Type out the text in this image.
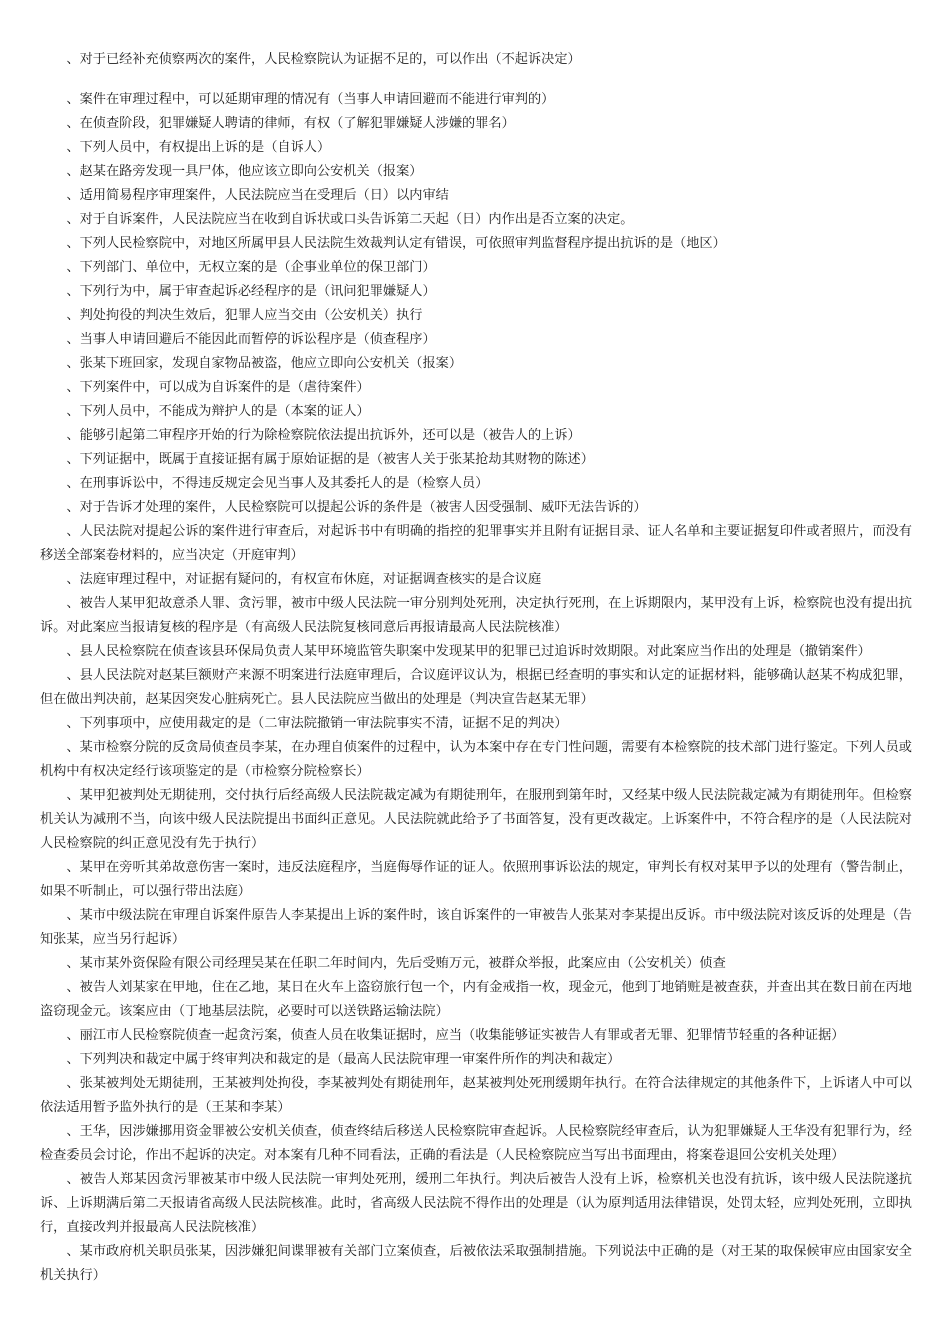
、对于已经补充侦察两次的案件，人民检察院认为证据不足的，可以作出（不起诉决定）

、案件在审理过程中，可以延期审理的情况有（当事人申请回避而不能进行审判的）

、在侦查阶段，犯罪嫌疑人聘请的律师，有权（了解犯罪嫌疑人涉嫌的罪名）

、下列人员中，有权提出上诉的是（自诉人）

、赵某在路旁发现一具尸体，他应该立即向公安机关（报案）

、适用简易程序审理案件，人民法院应当在受理后（日）以内审结

、对于自诉案件，人民法院应当在收到自诉状或口头告诉第二天起（日）内作出是否立案的决定。

、下列人民检察院中，对地区所属甲县人民法院生效裁判认定有错误，可依照审判监督程序提出抗诉的是（地区）

、下列部门、单位中，无权立案的是（企事业单位的保卫部门）

、下列行为中，属于审查起诉必经程序的是（讯问犯罪嫌疑人）

、判处拘役的判决生效后，犯罪人应当交由（公安机关）执行

、当事人申请回避后不能因此而暂停的诉讼程序是（侦查程序）

、张某下班回家，发现自家物品被盗，他应立即向公安机关（报案）

、下列案件中，可以成为自诉案件的是（虐待案件）

、下列人员中，不能成为辩护人的是（本案的证人）

、能够引起第二审程序开始的行为除检察院依法提出抗诉外，还可以是（被告人的上诉）

、下列证据中，既属于直接证据有属于原始证据的是（被害人关于张某抢劫其财物的陈述）

、在刑事诉讼中，不得违反规定会见当事人及其委托人的是（检察人员）

、对于告诉才处理的案件，人民检察院可以提起公诉的条件是（被害人因受强制、威吓无法告诉的）

、人民法院对提起公诉的案件进行审查后，对起诉书中有明确的指控的犯罪事实并且附有证据目录、证人名单和主要证据复印件或者照片，而没有移送全部案卷材料的，应当决定（开庭审判）

、法庭审理过程中，对证据有疑问的，有权宣布休庭，对证据调查核实的是合议庭

、被告人某甲犯故意杀人罪、贪污罪，被市中级人民法院一审分别判处死刑，决定执行死刑，在上诉期限内，某甲没有上诉，检察院也没有提出抗诉。对此案应当报请复核的程序是（有高级人民法院复核同意后再报请最高人民法院核准）

、县人民检察院在侦查该县环保局负责人某甲环境监管失职案中发现某甲的犯罪已过追诉时效期限。对此案应当作出的处理是（撤销案件）

、县人民法院对赵某巨额财产来源不明案进行法庭审理后，合议庭评议认为，根据已经查明的事实和认定的证据材料，能够确认赵某不构成犯罪，但在做出判决前，赵某因突发心脏病死亡。县人民法院应当做出的处理是（判决宣告赵某无罪）

、下列事项中，应使用裁定的是（二审法院撤销一审法院事实不清，证据不足的判决）

、某市检察分院的反贪局侦查员李某，在办理自侦案件的过程中，认为本案中存在专门性问题，需要有本检察院的技术部门进行鉴定。下列人员或机构中有权决定经行该项鉴定的是（市检察分院检察长）

、某甲犯被判处无期徒刑，交付执行后经高级人民法院裁定减为有期徒刑年，在服刑到第年时，又经某中级人民法院裁定减为有期徒刑年。但检察机关认为减刑不当，向该中级人民法院提出书面纠正意见。人民法院就此给予了书面答复，没有更改裁定。上诉案件中，不符合程序的是（人民法院对人民检察院的纠正意见没有先于执行）

、某甲在旁听其弟故意伤害一案时，违反法庭程序，当庭侮辱作证的证人。依照刑事诉讼法的规定，审判长有权对某甲予以的处理有（警告制止，如果不听制止，可以强行带出法庭）

、某市中级法院在审理自诉案件原告人李某提出上诉的案件时，该自诉案件的一审被告人张某对李某提出反诉。市中级法院对该反诉的处理是（告知张某，应当另行起诉）

、某市某外资保险有限公司经理吴某在任职二年时间内，先后受贿万元，被群众举报，此案应由（公安机关）侦查

、被告人刘某家在甲地，住在乙地，某日在火车上盗窃旅行包一个，内有金戒指一枚，现金元，他到丁地销赃是被查获，并查出其在数日前在丙地盗窃现金元。该案应由（丁地基层法院，必要时可以送铁路运输法院）

、丽江市人民检察院侦查一起贪污案，侦查人员在收集证据时，应当（收集能够证实被告人有罪或者无罪、犯罪情节轻重的各种证据）

、下列判决和裁定中属于终审判决和裁定的是（最高人民法院审理一审案件所作的判决和裁定）

、张某被判处无期徒刑，王某被判处拘役，李某被判处有期徒刑年，赵某被判处死刑缓期年执行。在符合法律规定的其他条件下，上诉诸人中可以依法适用暂予监外执行的是（王某和李某）

、王华，因涉嫌挪用资金罪被公安机关侦查，侦查终结后移送人民检察院审查起诉。人民检察院经审查后，认为犯罪嫌疑人王华没有犯罪行为，经检查委员会讨论，作出不起诉的决定。对本案有几种不同看法，正确的看法是（人民检察院应当写出书面理由，将案卷退回公安机关处理）

、被告人郑某因贪污罪被某市中级人民法院一审判处死刑，缓刑二年执行。判决后被告人没有上诉，检察机关也没有抗诉，该中级人民法院遂抗诉、上诉期满后第二天报请省高级人民法院核准。此时，省高级人民法院不得作出的处理是（认为原判适用法律错误，处罚太轻，应判处死刑，立即执行，直接改判并报最高人民法院核准）

、某市政府机关职员张某，因涉嫌犯间谍罪被有关部门立案侦查，后被依法采取强制措施。下列说法中正确的是（对王某的取保候审应由国家安全机关执行）
